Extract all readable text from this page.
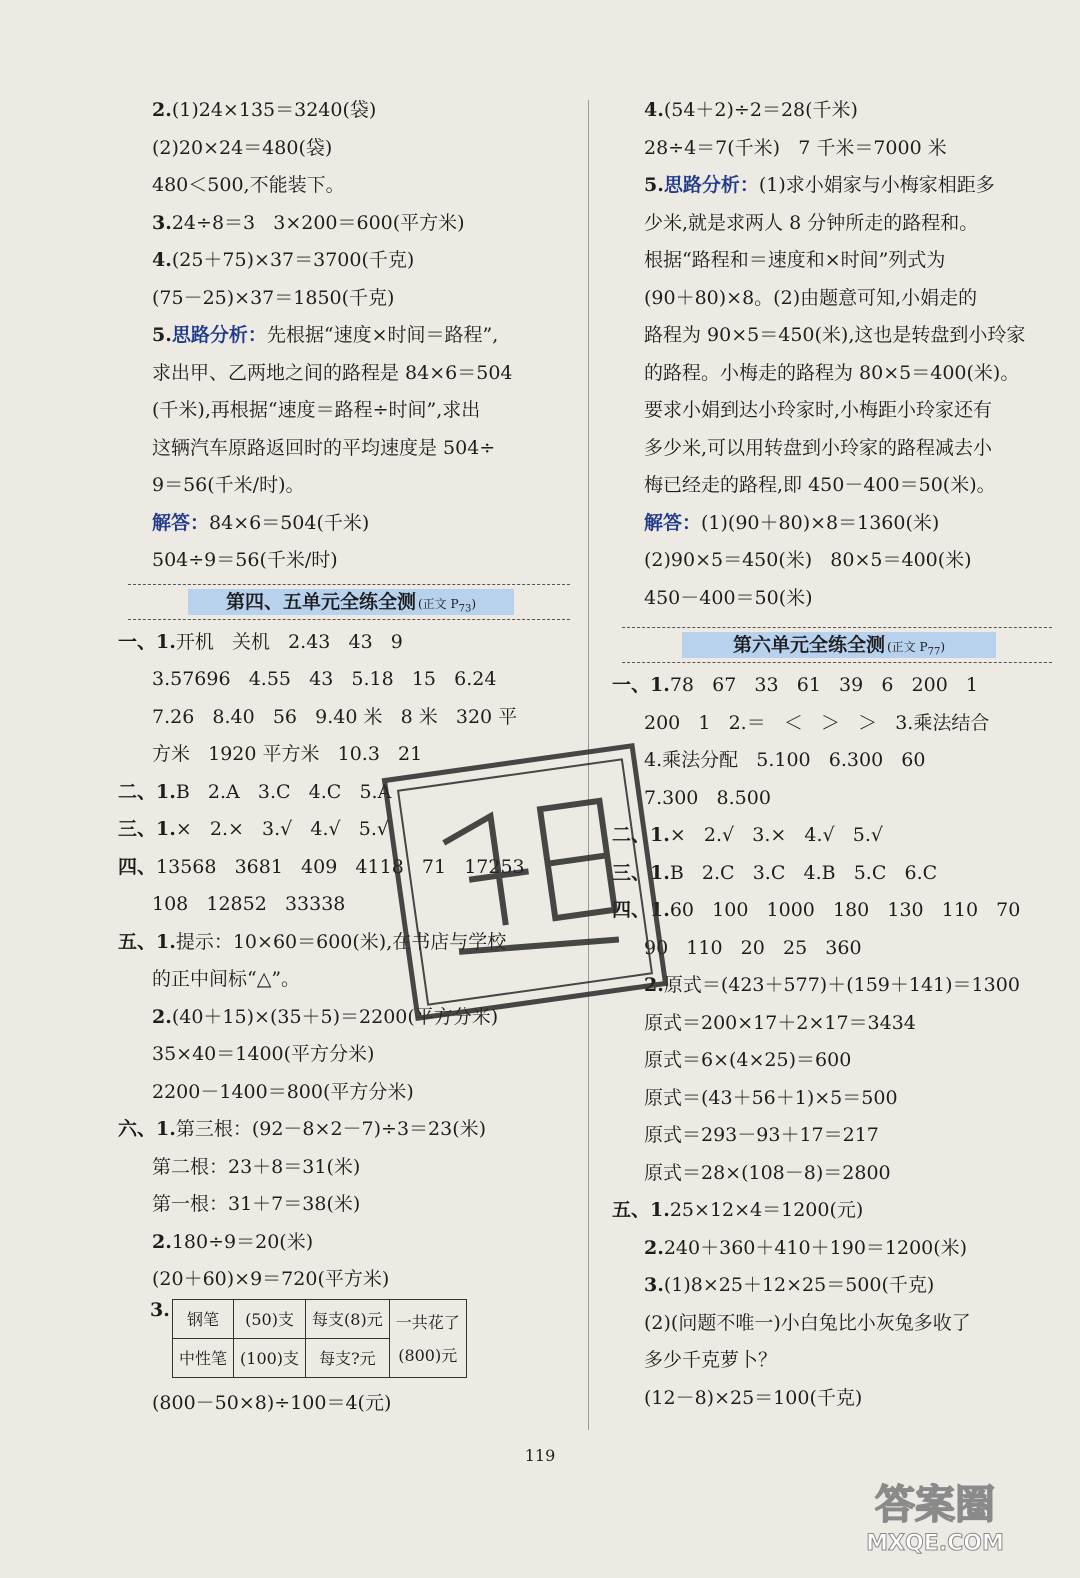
2.(1)24×135＝3240(袋)
(2)20×24＝480(袋)
480＜500,不能装下。
3.24÷8＝3   3×200＝600(平方米)
4.(25＋75)×37＝3700(千克)
(75－25)×37＝1850(千克)
5.思路分析：先根据“速度×时间＝路程”,
求出甲、乙两地之间的路程是 84×6＝504
(千米),再根据“速度＝路程÷时间”,求出
这辆汽车原路返回时的平均速度是 504÷
9＝56(千米/时)。
解答：84×6＝504(千米)
504÷9＝56(千米/时)
第四、五单元全练全测 (正文 $P_{73}$)
一、1.开机   关机   2.43   43   9
3.57696   4.55   43   5.18   15   6.24
7.26   8.40   56   9.40 米   8 米   320 平
方米   1920 平方米   10.3   21
二、1.B   2.A   3.C   4.C   5.A
三、1.×   2.×   3.√   4.√   5.√
四、13568   3681   409   4118   71   17253
108   12852   33338
五、1.提示：10×60＝600(米),在书店与学校
的正中间标“△”。
2.(40＋15)×(35＋5)＝2200(平方分米)
35×40＝1400(平方分米)
2200－1400＝800(平方分米)
六、1.第三根：(92－8×2－7)÷3＝23(米)
第二根：23＋8＝31(米)
第一根：31＋7＝38(米)
2.180÷9＝20(米)
(20＋60)×9＝720(平方米)
3. 钢笔	(50)支	每支(8)元	一共花了
(800)元

中性笔	(100)支	每支?元	
(800－50×8)÷100＝4(元)
4.(54＋2)÷2＝28(千米)
28÷4＝7(千米)   7 千米＝7000 米
5.思路分析：(1)求小娟家与小梅家相距多
少米,就是求两人 8 分钟所走的路程和。
根据“路程和＝速度和×时间”列式为
(90＋80)×8。(2)由题意可知,小娟走的
路程为 90×5＝450(米),这也是转盘到小玲家
的路程。小梅走的路程为 80×5＝400(米)。
要求小娟到达小玲家时,小梅距小玲家还有
多少米,可以用转盘到小玲家的路程减去小
梅已经走的路程,即 450－400＝50(米)。
解答：(1)(90＋80)×8＝1360(米)
(2)90×5＝450(米)   80×5＝400(米)
450－400＝50(米)
第六单元全练全测 (正文 $P_{77}$)
一、1.78   67   33   61   39   6   200   1
200   1   2.＝   ＜   ＞   ＞   3.乘法结合
4.乘法分配   5.100   6.300   60
7.300   8.500
二、1.×   2.√   3.×   4.√   5.√
三、1.B   2.C   3.C   4.B   5.C   6.C
四、1.60   100   1000   180   130   110   70
90   110   20   25   360
2.原式＝(423＋577)＋(159＋141)＝1300
原式＝200×17＋2×17＝3434
原式＝6×(4×25)＝600
原式＝(43＋56＋1)×5＝500
原式＝293－93＋17＝217
原式＝28×(108－8)＝2800
五、1.25×12×4＝1200(元)
2.240＋360＋410＋190＝1200(米)
3.(1)8×25＋12×25＝500(千克)
(2)(问题不唯一)小白兔比小灰兔多收了
多少千克萝卜？
(12－8)×25＝100(千克)
119
答案圈
MXQE.COM
